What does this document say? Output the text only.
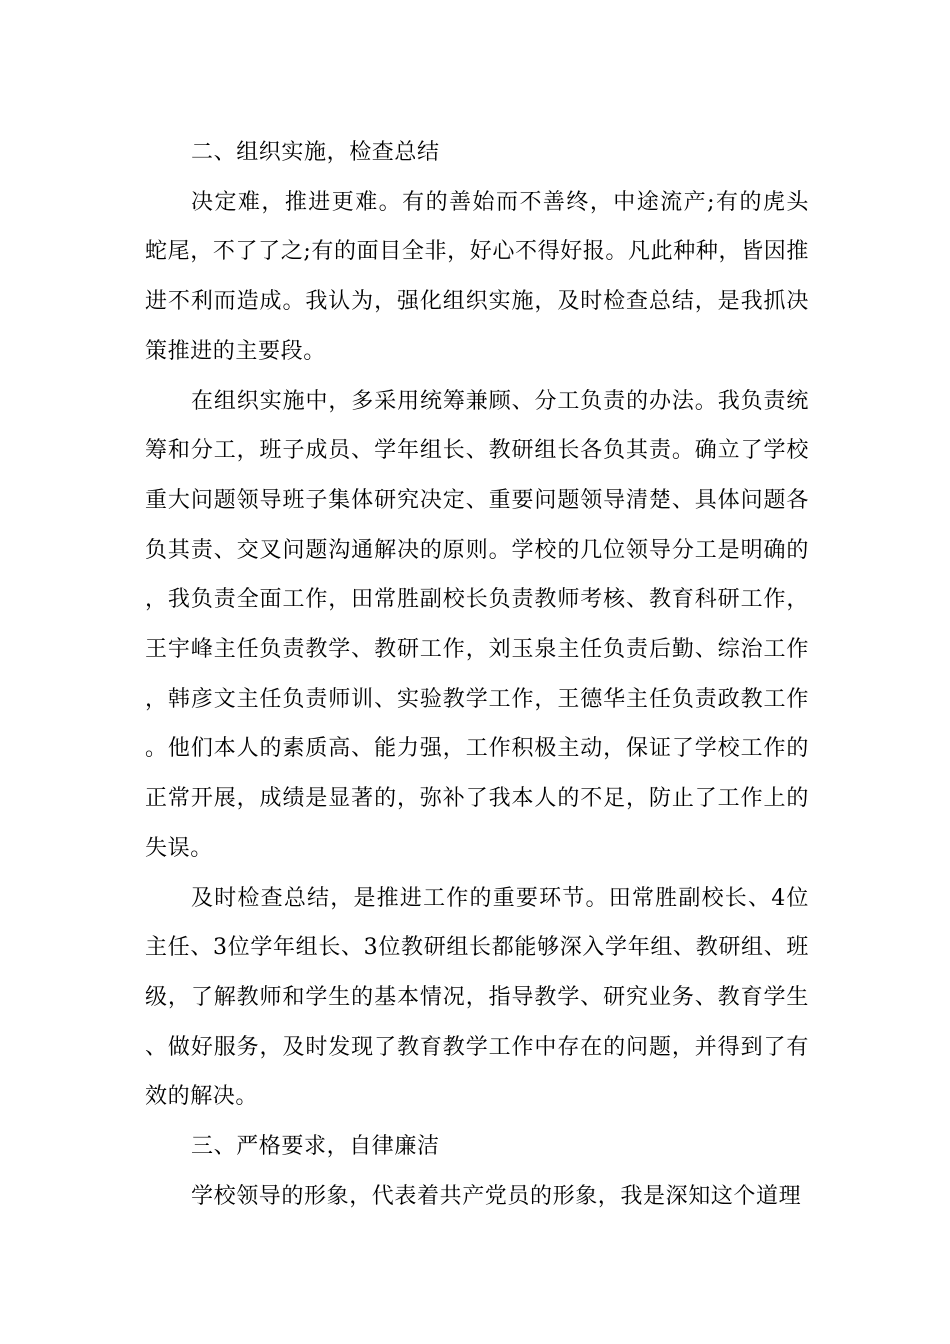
二、组织实施，检查总结

决定难，推进更难。有的善始而不善终，中途流产;有的虎头蛇尾，不了了之;有的面目全非，好心不得好报。凡此种种，皆因推进不利而造成。我认为，强化组织实施，及时检查总结，是我抓决策推进的主要段。

在组织实施中，多采用统筹兼顾、分工负责的办法。我负责统筹和分工，班子成员、学年组长、教研组长各负其责。确立了学校重大问题领导班子集体研究决定、重要问题领导清楚、具体问题各负其责、交叉问题沟通解决的原则。学校的几位领导分工是明确的，我负责全面工作，田常胜副校长负责教师考核、教育科研工作，王宇峰主任负责教学、教研工作，刘玉泉主任负责后勤、综治工作，韩彦文主任负责师训、实验教学工作，王德华主任负责政教工作。他们本人的素质高、能力强，工作积极主动，保证了学校工作的正常开展，成绩是显著的，弥补了我本人的不足，防止了工作上的失误。

及时检查总结，是推进工作的重要环节。田常胜副校长、4位主任、3位学年组长、3位教研组长都能够深入学年组、教研组、班级，了解教师和学生的基本情况，指导教学、研究业务、教育学生、做好服务，及时发现了教育教学工作中存在的问题，并得到了有效的解决。

三、严格要求，自律廉洁

学校领导的形象，代表着共产党员的形象，我是深知这个道理
